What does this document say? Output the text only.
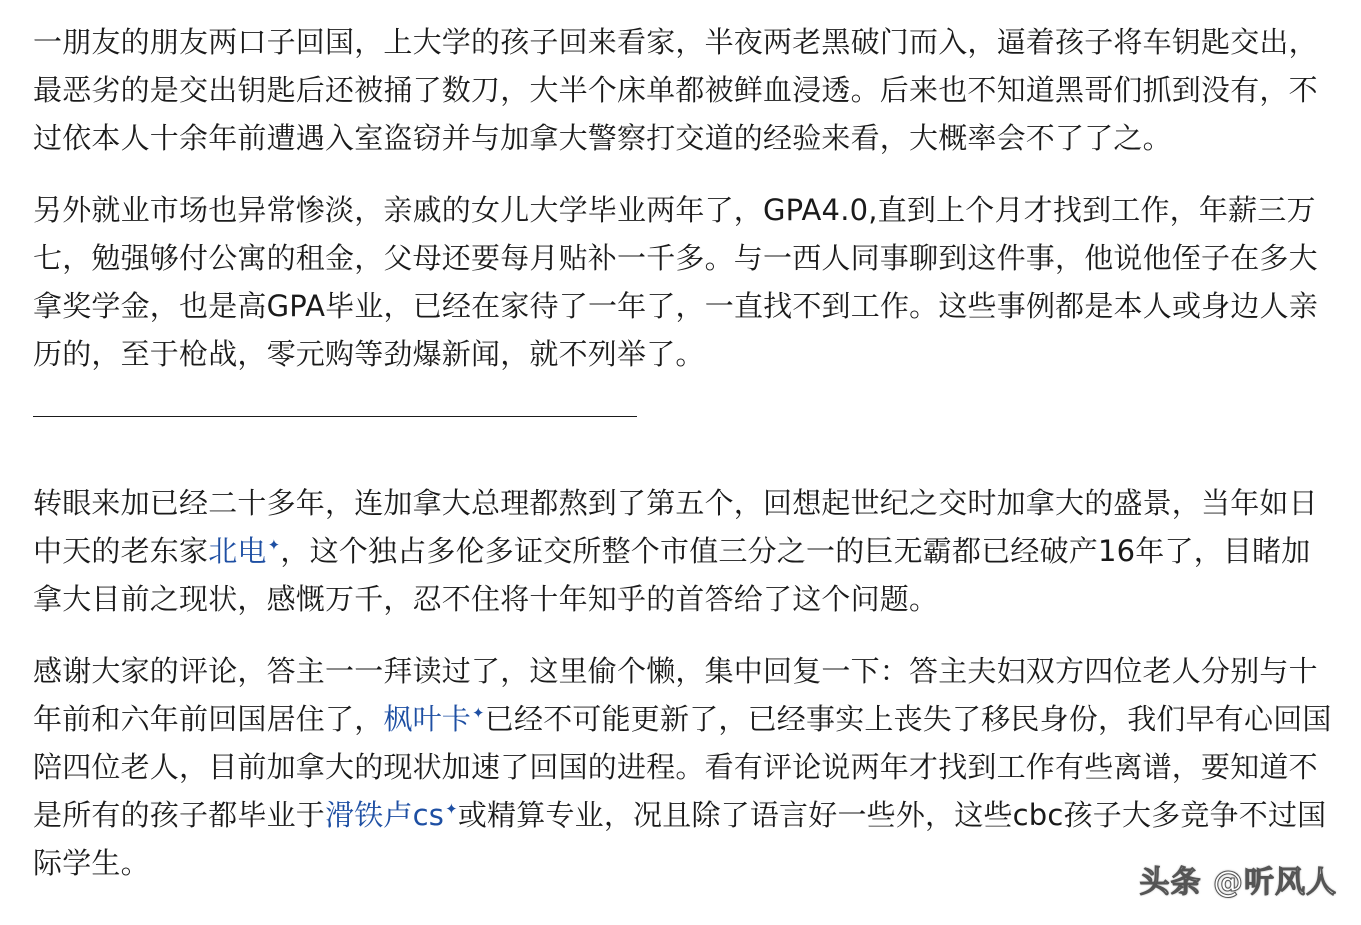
一朋友的朋友两口子回国，上大学的孩子回来看家，半夜两老黑破门而入，逼着孩子将车钥匙交出，最恶劣的是交出钥匙后还被捅了数刀，大半个床单都被鲜血浸透。后来也不知道黑哥们抓到没有，不过依本人十余年前遭遇入室盗窃并与加拿大警察打交道的经验来看，大概率会不了了之。

另外就业市场也异常惨淡，亲戚的女儿大学毕业两年了，GPA4.0,直到上个月才找到工作，年薪三万七，勉强够付公寓的租金，父母还要每月贴补一千多。与一西人同事聊到这件事，他说他侄子在多大拿奖学金，也是高GPA毕业，已经在家待了一年了，一直找不到工作。这些事例都是本人或身边人亲历的，至于枪战，零元购等劲爆新闻，就不列举了。

转眼来加已经二十多年，连加拿大总理都熬到了第五个，回想起世纪之交时加拿大的盛景，当年如日中天的老东家北电✦，这个独占多伦多证交所整个市值三分之一的巨无霸都已经破产16年了，目睹加拿大目前之现状，感慨万千，忍不住将十年知乎的首答给了这个问题。

感谢大家的评论，答主一一拜读过了，这里偷个懒，集中回复一下：答主夫妇双方四位老人分别与十年前和六年前回国居住了，枫叶卡✦已经不可能更新了，已经事实上丧失了移民身份，我们早有心回国陪四位老人，目前加拿大的现状加速了回国的进程。看有评论说两年才找到工作有些离谱，要知道不是所有的孩子都毕业于滑铁卢cs✦或精算专业，况且除了语言好一些外，这些cbc孩子大多竞争不过国际学生。

头条 @听风人
